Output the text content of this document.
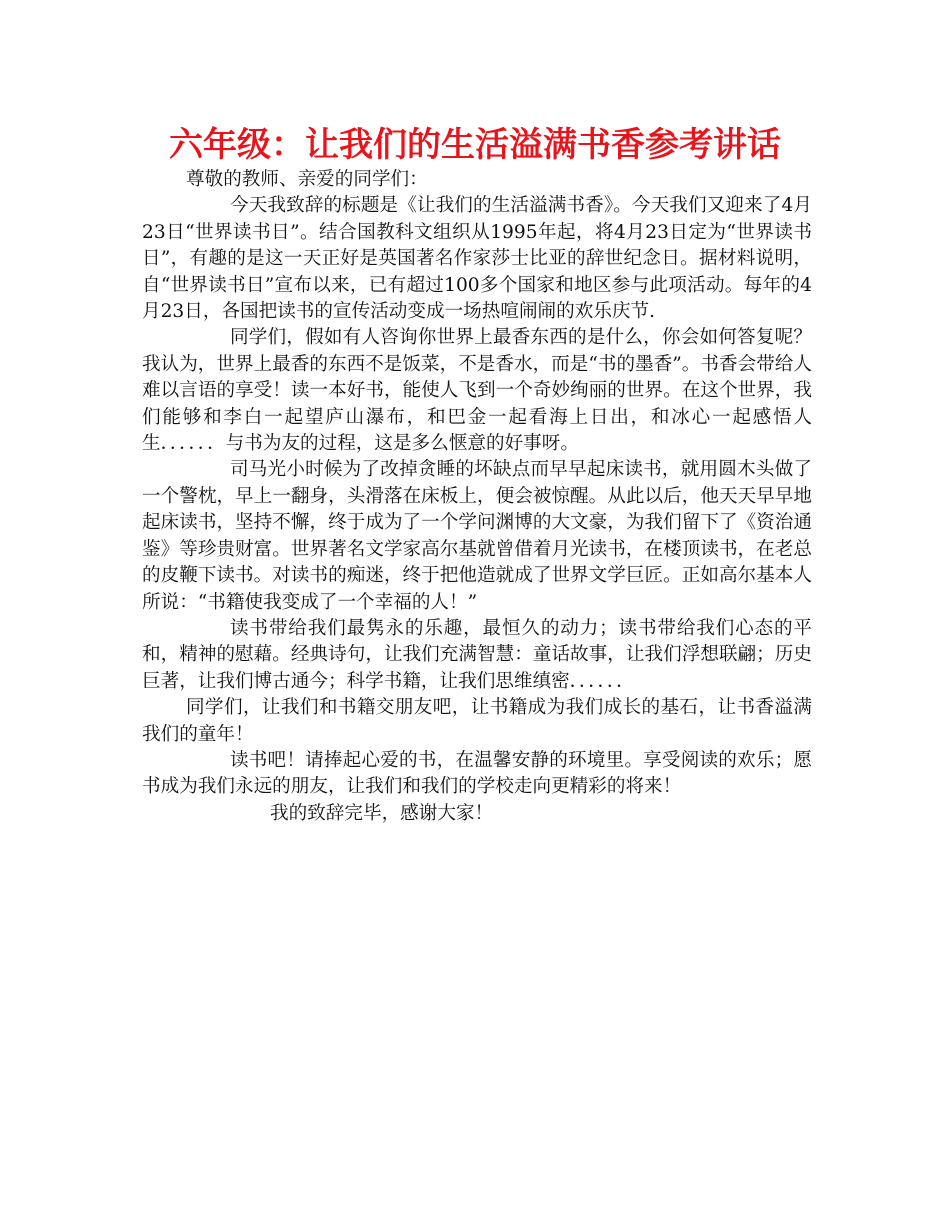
六年级：让我们的生活溢满书香参考讲话

尊敬的教师、亲爱的同学们：

今天我致辞的标题是《让我们的生活溢满书香》。今天我们又迎来了4月23日“世界读书日”。结合国教科文组织从1995年起，将4月23日定为“世界读书日”，有趣的是这一天正好是英国著名作家莎士比亚的辞世纪念日。据材料说明，自“世界读书日”宣布以来，已有超过100多个国家和地区参与此项活动。每年的4月23日，各国把读书的宣传活动变成一场热喧闹闹的欢乐庆节.

同学们，假如有人咨询你世界上最香东西的是什么，你会如何答复呢？我认为，世界上最香的东西不是饭菜，不是香水，而是“书的墨香”。书香会带给人难以言语的享受！读一本好书，能使人飞到一个奇妙绚丽的世界。在这个世界，我们能够和李白一起望庐山瀑布，和巴金一起看海上日出，和冰心一起感悟人生．．．．．．与书为友的过程，这是多么惬意的好事呀。

司马光小时候为了改掉贪睡的坏缺点而早早起床读书，就用圆木头做了一个警枕，早上一翻身，头滑落在床板上，便会被惊醒。从此以后，他天天早早地起床读书，坚持不懈，终于成为了一个学问渊博的大文豪，为我们留下了《资治通鉴》等珍贵财富。世界著名文学家高尔基就曾借着月光读书，在楼顶读书，在老总的皮鞭下读书。对读书的痴迷，终于把他造就成了世界文学巨匠。正如高尔基本人所说：“书籍使我变成了一个幸福的人！”

读书带给我们最隽永的乐趣，最恒久的动力；读书带给我们心态的平和，精神的慰藉。经典诗句，让我们充满智慧：童话故事，让我们浮想联翩；历史巨著，让我们博古通今；科学书籍，让我们思维缜密．．．．．．

同学们，让我们和书籍交朋友吧，让书籍成为我们成长的基石，让书香溢满我们的童年！

读书吧！请捧起心爱的书，在温馨安静的环境里。享受阅读的欢乐；愿书成为我们永远的朋友，让我们和我们的学校走向更精彩的将来！

我的致辞完毕，感谢大家！
